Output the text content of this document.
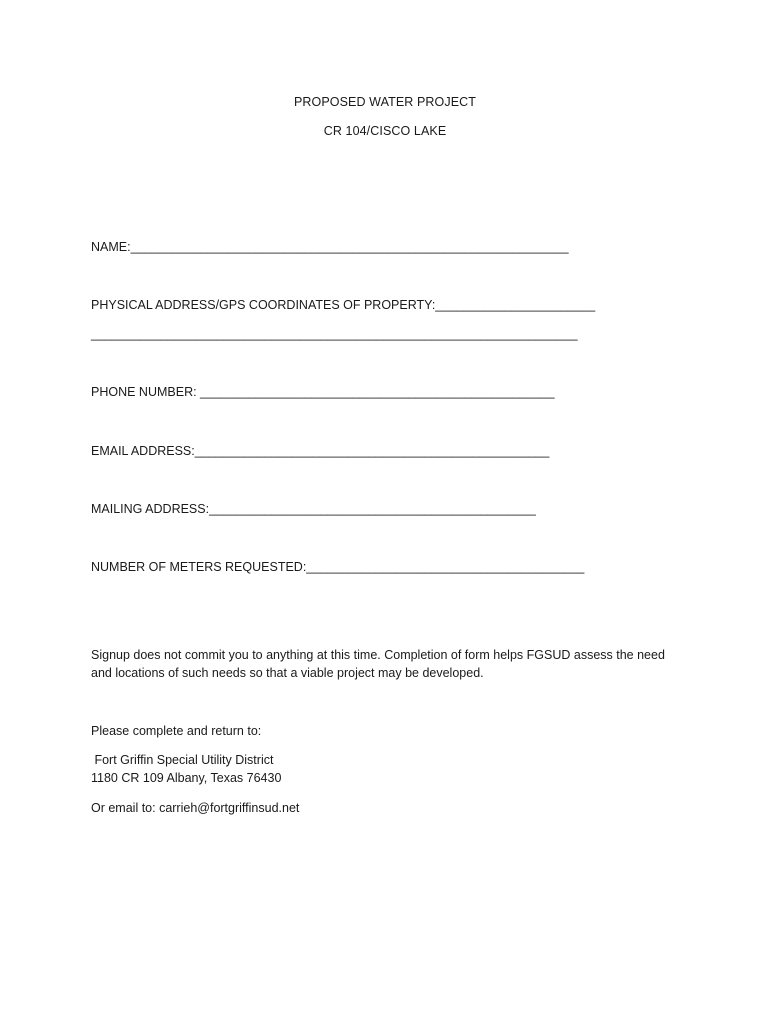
PROPOSED WATER PROJECT
CR 104/CISCO LAKE
NAME:_______________________________________________________________
PHYSICAL ADDRESS/GPS COORDINATES OF PROPERTY:_______________________
______________________________________________________________________
PHONE NUMBER: ___________________________________________________
EMAIL ADDRESS:___________________________________________________
MAILING ADDRESS:_______________________________________________
NUMBER OF METERS REQUESTED:________________________________________
Signup does not commit you to anything at this time. Completion of form helps FGSUD assess the need
and locations of such needs so that a viable project may be developed.
Please complete and return to:
Fort Griffin Special Utility District
1180 CR 109 Albany, Texas 76430
Or email to: carrieh@fortgriffinsud.net
